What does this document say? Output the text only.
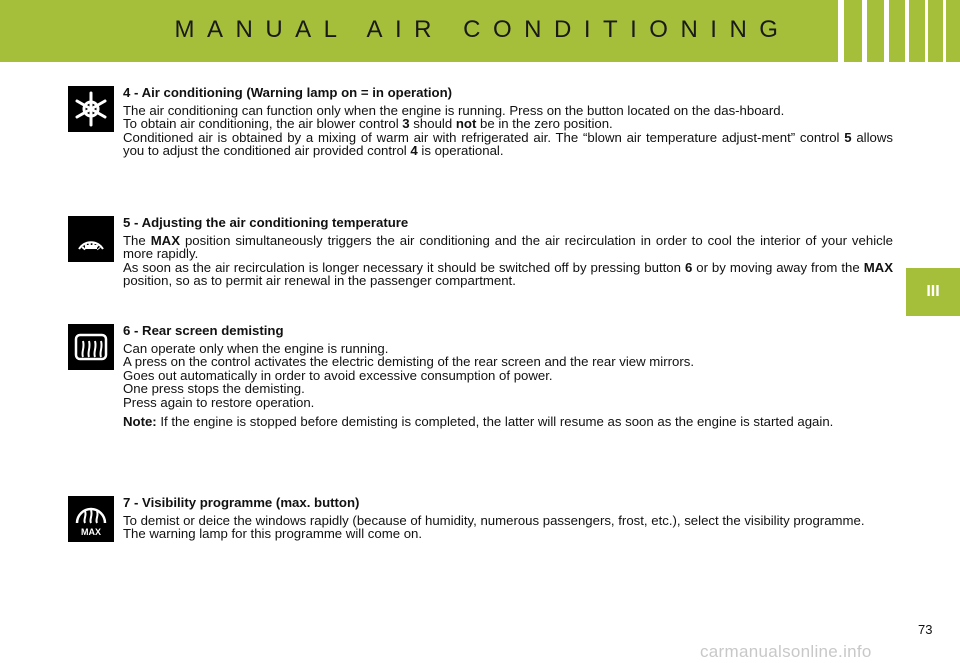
MANUAL AIR CONDITIONING
III
4 - Air conditioning (Warning lamp on = in operation)

The air conditioning can function only when the engine is running. Press on the button located on the das-hboard.

To obtain air conditioning, the air blower control 3 should not be in the zero position.

Conditioned air is obtained by a mixing of warm air with refrigerated air. The “blown air temperature adjust-ment” control 5 allows you to adjust the conditioned air provided control 4 is operational.

5 - Adjusting the air conditioning temperature

The MAX position simultaneously triggers the air conditioning and the air recirculation in order to cool the interior of your vehicle more rapidly.

As soon as the air recirculation is longer necessary it should be switched off by pressing button 6 or by moving away from the MAX position, so as to permit air renewal in the passenger compartment.

6 - Rear screen demisting

Can operate only when the engine is running.

A press on the control activates the electric demisting of the rear screen and the rear view mirrors.

Goes out automatically in order to avoid excessive consumption of power.

One press stops the demisting.

Press again to restore operation.

Note: If the engine is stopped before demisting is completed, the latter will resume as soon as the engine is started again.

MAX
7 - Visibility programme (max. button)

To demist or deice the windows rapidly (because of humidity, numerous passengers, frost, etc.), select the visibility programme.

The warning lamp for this programme will come on.

73
carmanualsonline.info
